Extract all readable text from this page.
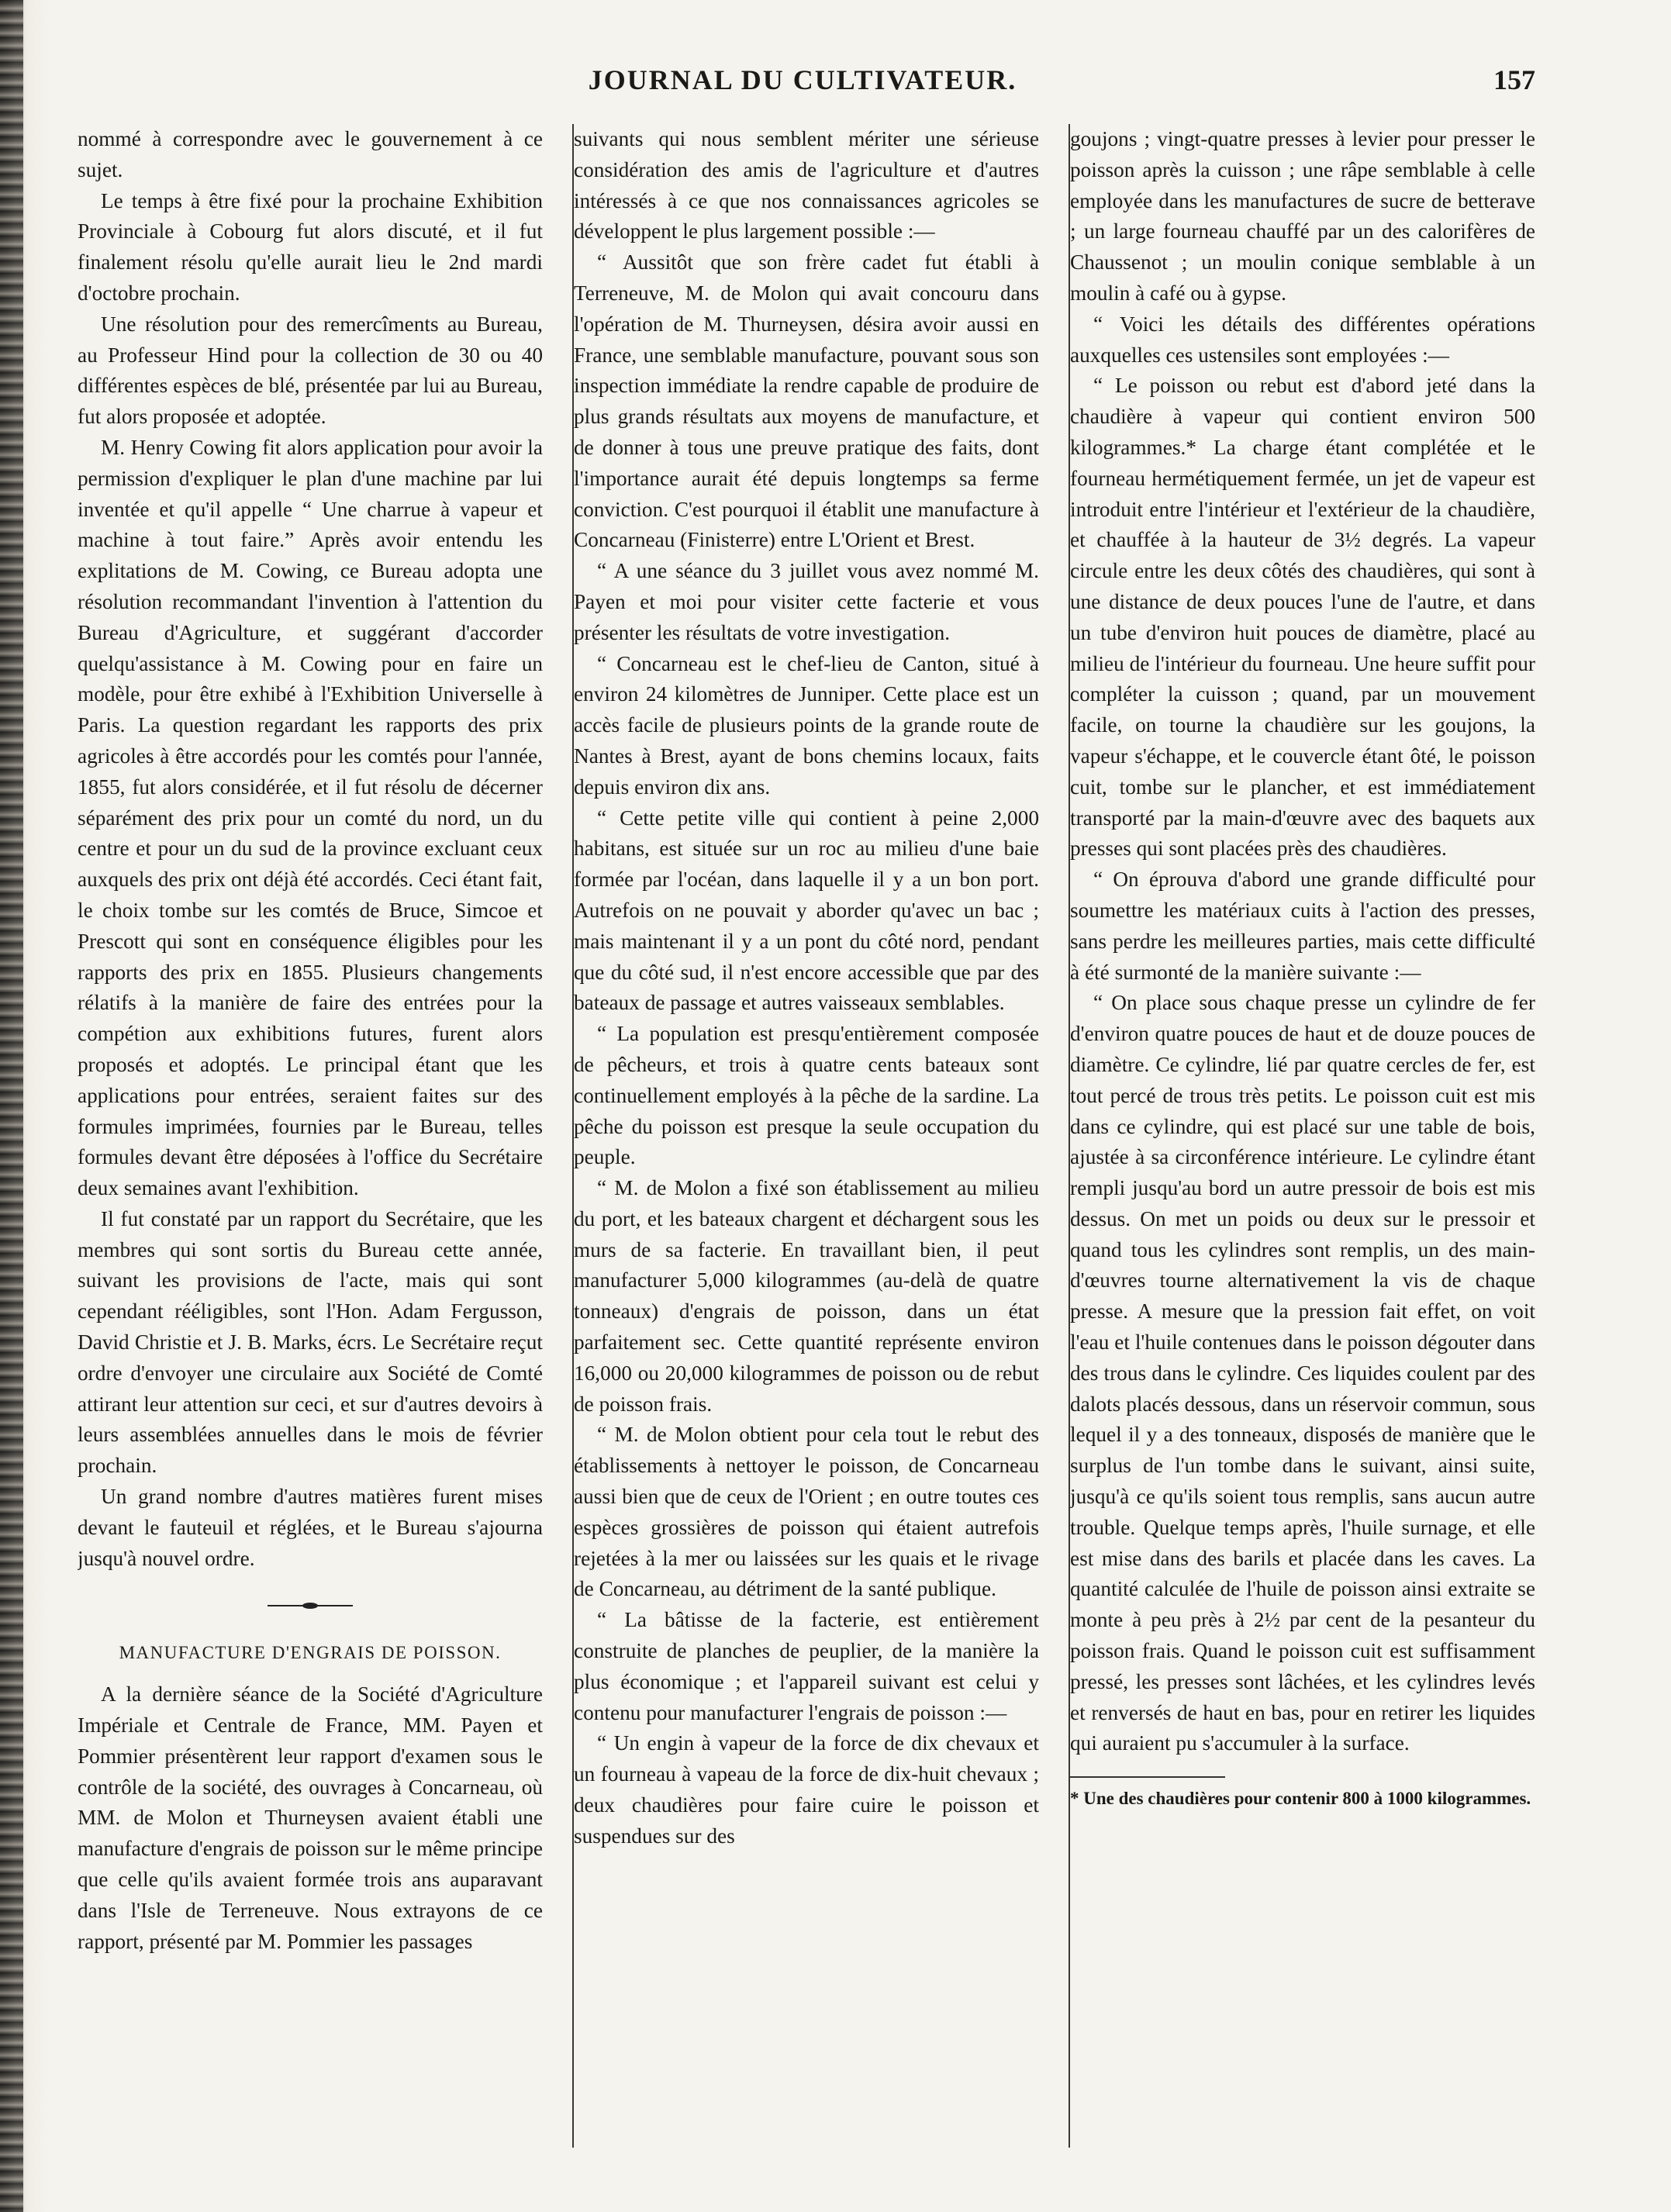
JOURNAL DU CULTIVATEUR.	157

nommé à correspondre avec le gouvernement à ce sujet.

Le temps à être fixé pour la prochaine Exhibition Provinciale à Cobourg fut alors discuté, et il fut finalement résolu qu'elle aurait lieu le 2nd mardi d'octobre prochain.

Une résolution pour des remercîments au Bureau, au Professeur Hind pour la collection de 30 ou 40 différentes espèces de blé, présentée par lui au Bureau, fut alors proposée et adoptée.

M. Henry Cowing fit alors application pour avoir la permission d'expliquer le plan d'une machine par lui inventée et qu'il appelle “ Une charrue à vapeur et machine à tout faire.” Après avoir entendu les explitations de M. Cowing, ce Bureau adopta une résolution recommandant l'invention à l'attention du Bureau d'Agriculture, et suggérant d'accorder quelqu'assistance à M. Cowing pour en faire un modèle, pour être exhibé à l'Exhibition Universelle à Paris. La question regardant les rapports des prix agricoles à être accordés pour les comtés pour l'année, 1855, fut alors considérée, et il fut résolu de décerner séparément des prix pour un comté du nord, un du centre et pour un du sud de la province excluant ceux auxquels des prix ont déjà été accordés. Ceci étant fait, le choix tombe sur les comtés de Bruce, Simcoe et Prescott qui sont en conséquence éligibles pour les rapports des prix en 1855. Plusieurs changements rélatifs à la manière de faire des entrées pour la compétion aux exhibitions futures, furent alors proposés et adoptés. Le principal étant que les applications pour entrées, seraient faites sur des formules imprimées, fournies par le Bureau, telles formules devant être déposées à l'office du Secrétaire deux semaines avant l'exhibition.

Il fut constaté par un rapport du Secrétaire, que les membres qui sont sortis du Bureau cette année, suivant les provisions de l'acte, mais qui sont cependant rééligibles, sont l'Hon. Adam Fergusson, David Christie et J. B. Marks, écrs. Le Secrétaire reçut ordre d'envoyer une circulaire aux Société de Comté attirant leur attention sur ceci, et sur d'autres devoirs à leurs assemblées annuelles dans le mois de février prochain.

Un grand nombre d'autres matières furent mises devant le fauteuil et réglées, et le Bureau s'ajourna jusqu'à nouvel ordre.

MANUFACTURE D'ENGRAIS DE POISSON.

A la dernière séance de la Société d'Agriculture Impériale et Centrale de France, MM. Payen et Pommier présentèrent leur rapport d'examen sous le contrôle de la société, des ouvrages à Concarneau, où MM. de Molon et Thurneysen avaient établi une manufacture d'engrais de poisson sur le même principe que celle qu'ils avaient formée trois ans auparavant dans l'Isle de Terreneuve. Nous extrayons de ce rapport, présenté par M. Pommier les passages

suivants qui nous semblent mériter une sérieuse considération des amis de l'agriculture et d'autres intéressés à ce que nos connaissances agricoles se développent le plus largement possible :—

“ Aussitôt que son frère cadet fut établi à Terreneuve, M. de Molon qui avait concouru dans l'opération de M. Thurneysen, désira avoir aussi en France, une semblable manufacture, pouvant sous son inspection immédiate la rendre capable de produire de plus grands résultats aux moyens de manufacture, et de donner à tous une preuve pratique des faits, dont l'importance aurait été depuis longtemps sa ferme conviction. C'est pourquoi il établit une manufacture à Concarneau (Finisterre) entre L'Orient et Brest.

“ A une séance du 3 juillet vous avez nommé M. Payen et moi pour visiter cette facterie et vous présenter les résultats de votre investigation.

“ Concarneau est le chef-lieu de Canton, situé à environ 24 kilomètres de Junniper. Cette place est un accès facile de plusieurs points de la grande route de Nantes à Brest, ayant de bons chemins locaux, faits depuis environ dix ans.

“ Cette petite ville qui contient à peine 2,000 habitans, est située sur un roc au milieu d'une baie formée par l'océan, dans laquelle il y a un bon port. Autrefois on ne pouvait y aborder qu'avec un bac ; mais maintenant il y a un pont du côté nord, pendant que du côté sud, il n'est encore accessible que par des bateaux de passage et autres vaisseaux semblables.

“ La population est presqu'entièrement composée de pêcheurs, et trois à quatre cents bateaux sont continuellement employés à la pêche de la sardine. La pêche du poisson est presque la seule occupation du peuple.

“ M. de Molon a fixé son établissement au milieu du port, et les bateaux chargent et déchargent sous les murs de sa facterie. En travaillant bien, il peut manufacturer 5,000 kilogrammes (au-delà de quatre tonneaux) d'engrais de poisson, dans un état parfaitement sec. Cette quantité représente environ 16,000 ou 20,000 kilogrammes de poisson ou de rebut de poisson frais.

“ M. de Molon obtient pour cela tout le rebut des établissements à nettoyer le poisson, de Concarneau aussi bien que de ceux de l'Orient ; en outre toutes ces espèces grossières de poisson qui étaient autrefois rejetées à la mer ou laissées sur les quais et le rivage de Concarneau, au détriment de la santé publique.

“ La bâtisse de la facterie, est entièrement construite de planches de peuplier, de la manière la plus économique ; et l'appareil suivant est celui y contenu pour manufacturer l'engrais de poisson :—

“ Un engin à vapeur de la force de dix chevaux et un fourneau à vapeau de la force de dix-huit chevaux ; deux chaudières pour faire cuire le poisson et suspendues sur des

goujons ; vingt-quatre presses à levier pour presser le poisson après la cuisson ; une râpe semblable à celle employée dans les manufactures de sucre de betterave ; un large fourneau chauffé par un des calorifères de Chaussenot ; un moulin conique semblable à un moulin à café ou à gypse.

“ Voici les détails des différentes opérations auxquelles ces ustensiles sont employées :—

“ Le poisson ou rebut est d'abord jeté dans la chaudière à vapeur qui contient environ 500 kilogrammes.* La charge étant complétée et le fourneau hermétiquement fermée, un jet de vapeur est introduit entre l'intérieur et l'extérieur de la chaudière, et chauffée à la hauteur de 3½ degrés. La vapeur circule entre les deux côtés des chaudières, qui sont à une distance de deux pouces l'une de l'autre, et dans un tube d'environ huit pouces de diamètre, placé au milieu de l'intérieur du fourneau. Une heure suffit pour compléter la cuisson ; quand, par un mouvement facile, on tourne la chaudière sur les goujons, la vapeur s'échappe, et le couvercle étant ôté, le poisson cuit, tombe sur le plancher, et est immédiatement transporté par la main-d'œuvre avec des baquets aux presses qui sont placées près des chaudières.

“ On éprouva d'abord une grande difficulté pour soumettre les matériaux cuits à l'action des presses, sans perdre les meilleures parties, mais cette difficulté à été surmonté de la manière suivante :—

“ On place sous chaque presse un cylindre de fer d'environ quatre pouces de haut et de douze pouces de diamètre. Ce cylindre, lié par quatre cercles de fer, est tout percé de trous très petits. Le poisson cuit est mis dans ce cylindre, qui est placé sur une table de bois, ajustée à sa circonférence intérieure. Le cylindre étant rempli jusqu'au bord un autre pressoir de bois est mis dessus. On met un poids ou deux sur le pressoir et quand tous les cylindres sont remplis, un des main-d'œuvres tourne alternativement la vis de chaque presse. A mesure que la pression fait effet, on voit l'eau et l'huile contenues dans le poisson dégouter dans des trous dans le cylindre. Ces liquides coulent par des dalots placés dessous, dans un réservoir commun, sous lequel il y a des tonneaux, disposés de manière que le surplus de l'un tombe dans le suivant, ainsi suite, jusqu'à ce qu'ils soient tous remplis, sans aucun autre trouble. Quelque temps après, l'huile surnage, et elle est mise dans des barils et placée dans les caves. La quantité calculée de l'huile de poisson ainsi extraite se monte à peu près à 2½ par cent de la pesanteur du poisson frais. Quand le poisson cuit est suffisamment pressé, les presses sont lâchées, et les cylindres levés et renversés de haut en bas, pour en retirer les liquides qui auraient pu s'accumuler à la surface.

* Une des chaudières pour contenir 800 à 1000 kilogrammes.
